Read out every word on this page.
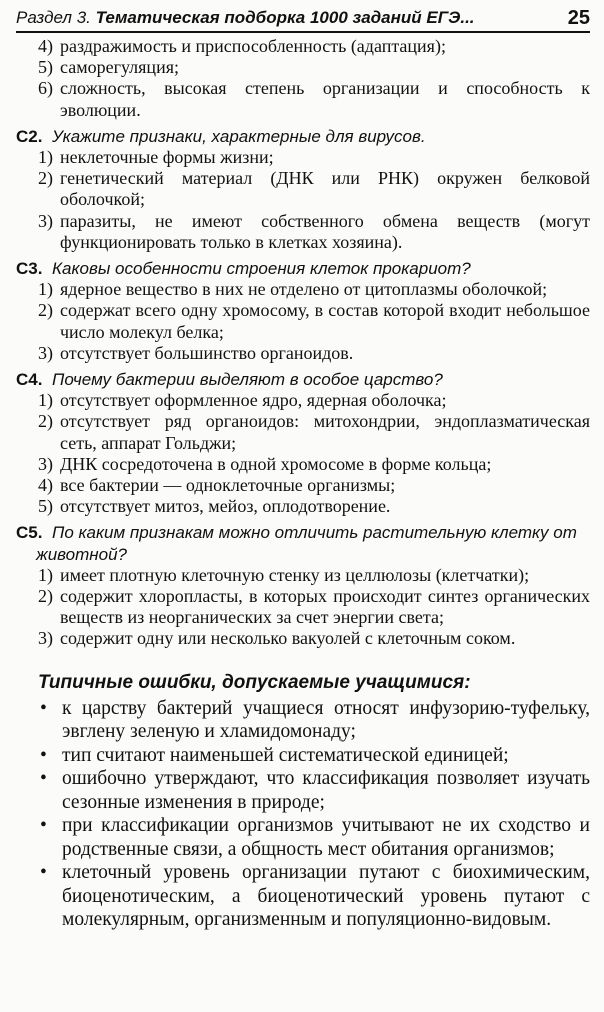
Раздел 3. Тематическая подборка 1000 заданий ЕГЭ...	25
4) раздражимость и приспособленность (адаптация);
5) саморегуляция;
6) сложность, высокая степень организации и способность к эволюции.
С2. Укажите признаки, характерные для вирусов.
1) неклеточные формы жизни;
2) генетический материал (ДНК или РНК) окружен белковой оболочкой;
3) паразиты, не имеют собственного обмена веществ (могут функционировать только в клетках хозяина).
С3. Каковы особенности строения клеток прокариот?
1) ядерное вещество в них не отделено от цитоплазмы оболочкой;
2) содержат всего одну хромосому, в состав которой входит небольшое число молекул белка;
3) отсутствует большинство органоидов.
С4. Почему бактерии выделяют в особое царство?
1) отсутствует оформленное ядро, ядерная оболочка;
2) отсутствует ряд органоидов: митохондрии, эндоплазматическая сеть, аппарат Гольджи;
3) ДНК сосредоточена в одной хромосоме в форме кольца;
4) все бактерии — одноклеточные организмы;
5) отсутствует митоз, мейоз, оплодотворение.
С5. По каким признакам можно отличить растительную клетку от
животной?
1) имеет плотную клеточную стенку из целлюлозы (клетчатки);
2) содержит хлоропласты, в которых происходит синтез органических веществ из неорганических за счет энергии света;
3) содержит одну или несколько вакуолей с клеточным соком.
Типичные ошибки, допускаемые учащимися:
• к царству бактерий учащиеся относят инфузорию-туфельку, эвглену зеленую и хламидомонаду;
• тип считают наименьшей систематической единицей;
• ошибочно утверждают, что классификация позволяет изучать сезонные изменения в природе;
• при классификации организмов учитывают не их сходство и родственные связи, а общность мест обитания организмов;
• клеточный уровень организации путают с биохимическим, биоценотическим, а биоценотический уровень путают с молекулярным, организменным и популяционно-видовым.
